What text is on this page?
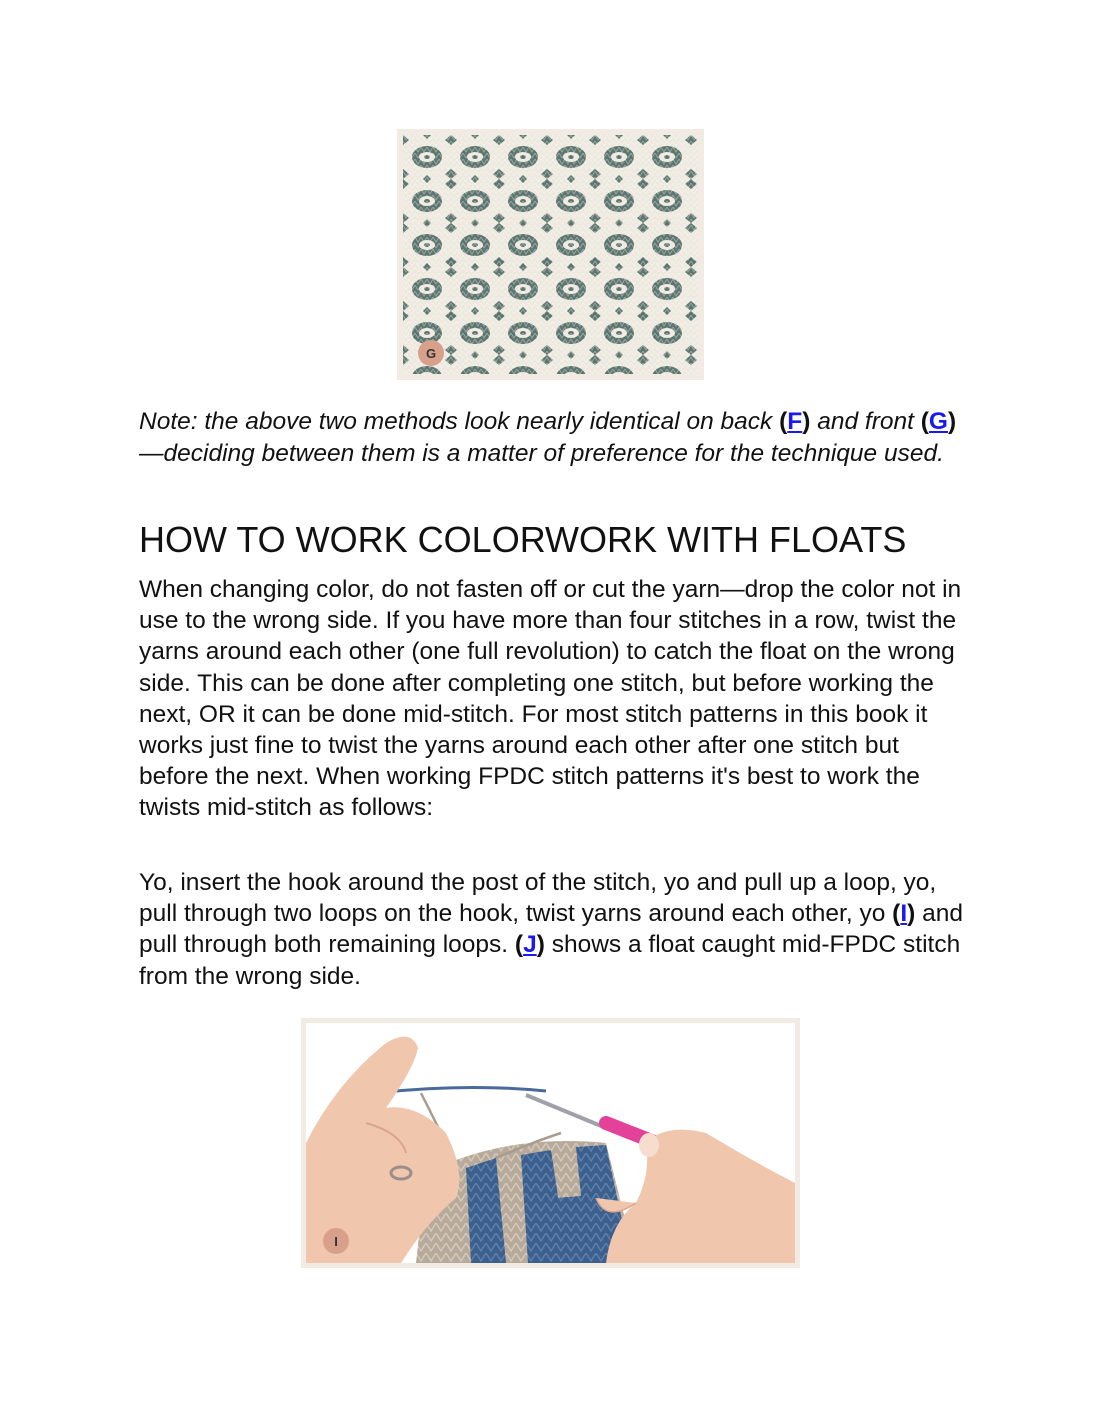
G

Note: the above two methods look nearly identical on back (F) and front (G)—deciding between them is a matter of preference for the technique used.

HOW TO WORK COLORWORK WITH FLOATS

When changing color, do not fasten off or cut the yarn—drop the color not in use to the wrong side. If you have more than four stitches in a row, twist the yarns around each other (one full revolution) to catch the float on the wrong side. This can be done after completing one stitch, but before working the next, OR it can be done mid-stitch. For most stitch patterns in this book it works just fine to twist the yarns around each other after one stitch but before the next. When working FPDC stitch patterns it's best to work the twists mid-stitch as follows:

Yo, insert the hook around the post of the stitch, yo and pull up a loop, yo, pull through two loops on the hook, twist yarns around each other, yo (I) and pull through both remaining loops. (J) shows a float caught mid-FPDC stitch from the wrong side.

I
